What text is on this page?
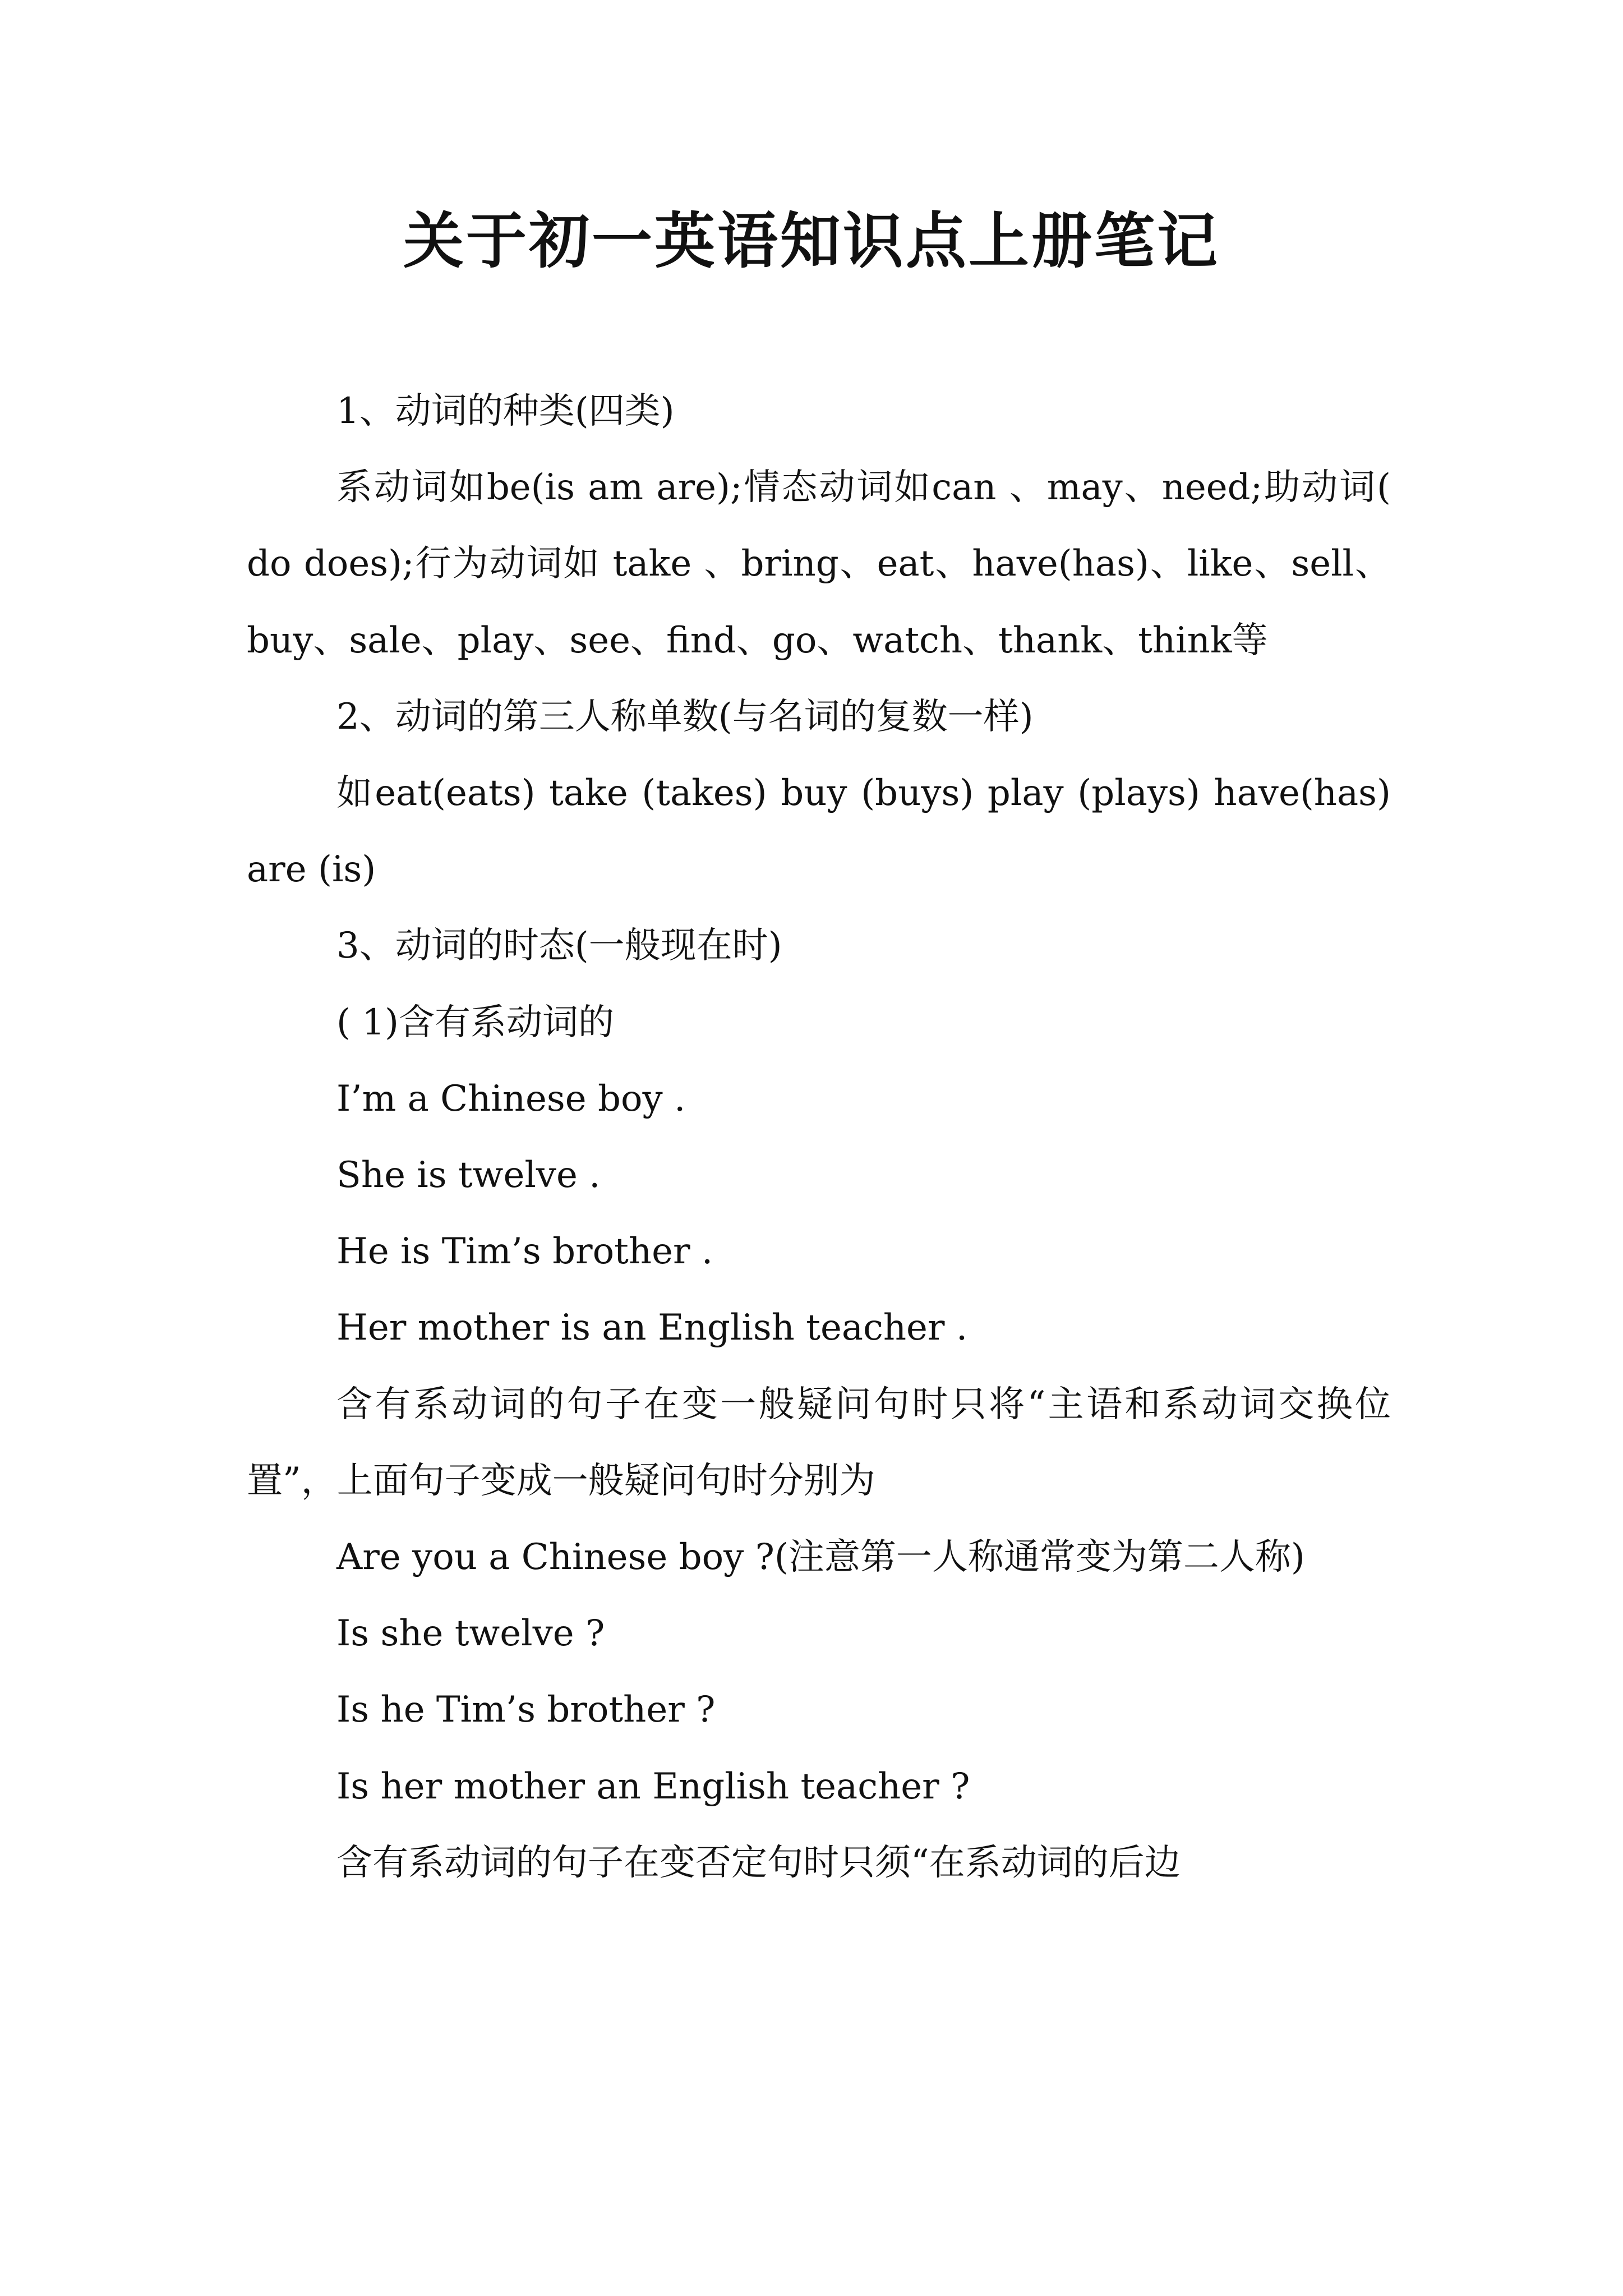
关于初一英语知识点上册笔记

1、动词的种类(四类)

系动词如be(is am are);情态动词如can 、may、need;助动词( do does);行为动词如 take 、bring、eat、have(has)、like、sell、buy、sale、play、see、find、go、watch、thank、think等

2、动词的第三人称单数(与名词的复数一样)

如eat(eats) take (takes) buy (buys) play (plays) have(has) are (is)

3、动词的时态(一般现在时)

( 1)含有系动词的

I’m a Chinese boy .

She is twelve .

He is Tim’s brother .

Her mother is an English teacher .

含有系动词的句子在变一般疑问句时只将“主语和系动词交换位置”，上面句子变成一般疑问句时分别为

Are you a Chinese boy ?(注意第一人称通常变为第二人称)

Is she twelve ?

Is he Tim’s brother ?

Is her mother an English teacher ?

含有系动词的句子在变否定句时只须“在系动词的后边
